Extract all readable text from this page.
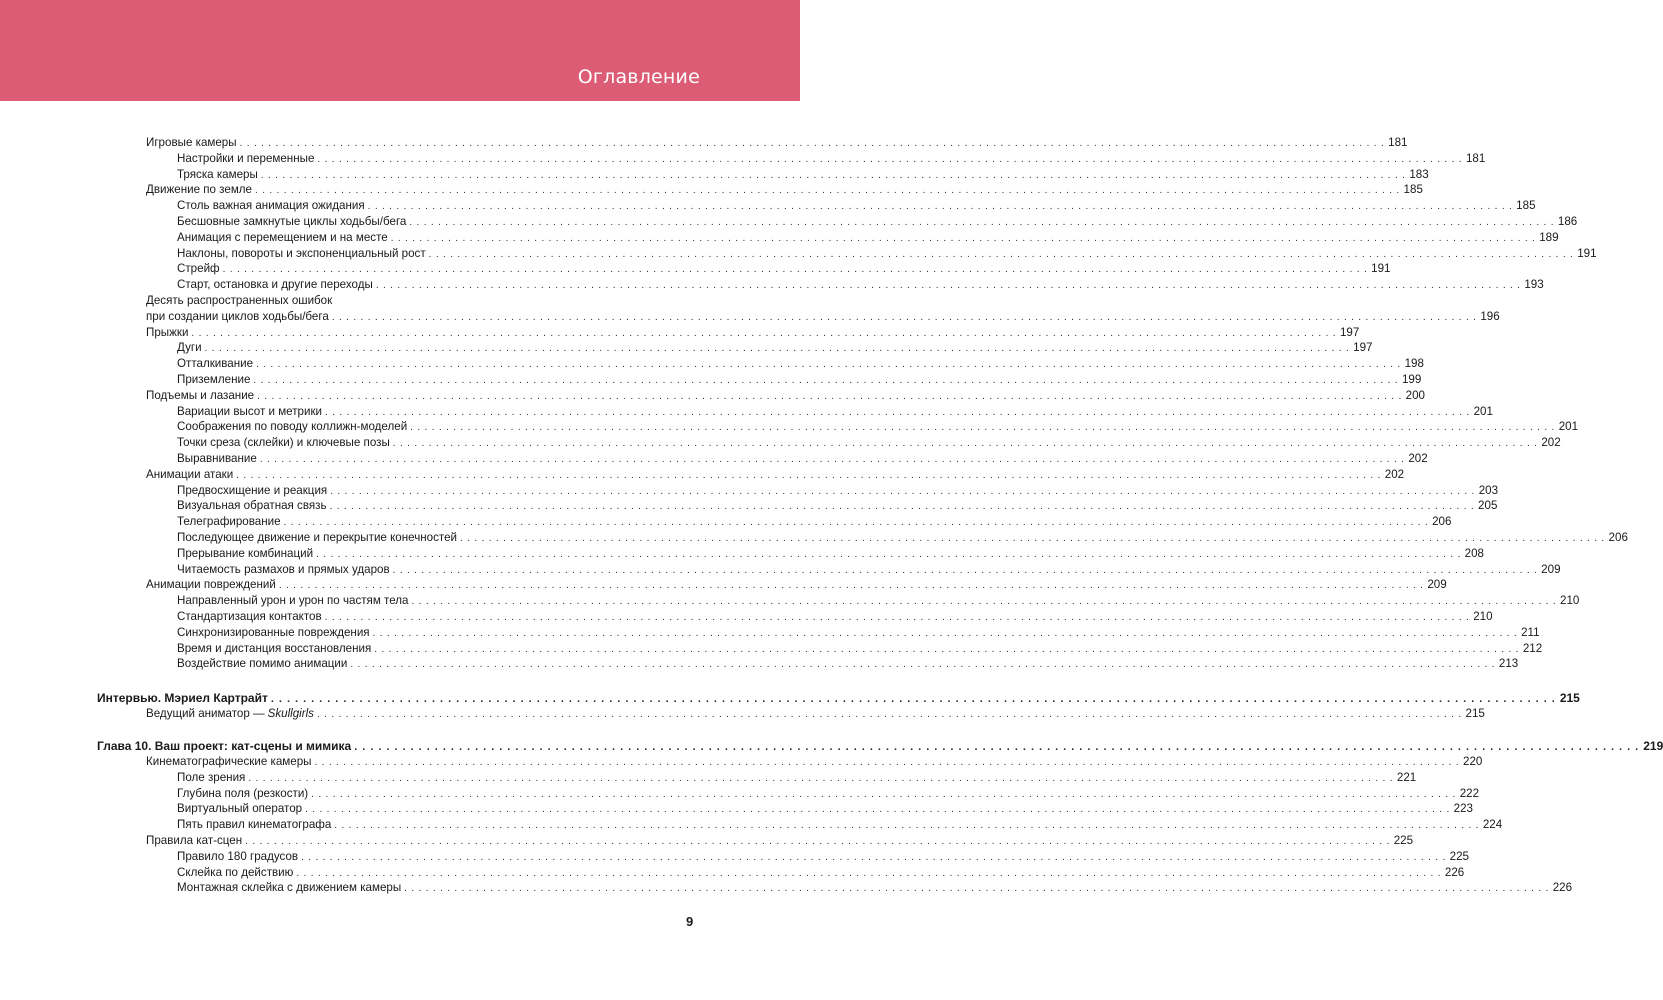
Оглавление
Игровые камеры ................................................................................................................................................................ 181
Настройки и переменные ................................................................................................................................................................ 181
Тряска камеры ................................................................................................................................................................ 183
Движение по земле ................................................................................................................................................................ 185
Столь важная анимация ожидания ................................................................................................................................................................ 185
Бесшовные замкнутые циклы ходьбы/бега ................................................................................................................................................................ 186
Анимация с перемещением и на месте ................................................................................................................................................................ 189
Наклоны, повороты и экспоненциальный рост ................................................................................................................................................................ 191
Стрейф ................................................................................................................................................................ 191
Старт, остановка и другие переходы ................................................................................................................................................................ 193
Десять распространенных ошибок
при создании циклов ходьбы/бега ................................................................................................................................................................ 196
Прыжки ................................................................................................................................................................ 197
Дуги ................................................................................................................................................................ 197
Отталкивание ................................................................................................................................................................ 198
Приземление ................................................................................................................................................................ 199
Подъемы и лазание ................................................................................................................................................................ 200
Вариации высот и метрики ................................................................................................................................................................ 201
Соображения по поводу коллижн-моделей ................................................................................................................................................................ 201
Точки среза (склейки) и ключевые позы ................................................................................................................................................................ 202
Выравнивание ................................................................................................................................................................ 202
Анимации атаки ................................................................................................................................................................ 202
Предвосхищение и реакция ................................................................................................................................................................ 203
Визуальная обратная связь ................................................................................................................................................................ 205
Телеграфирование ................................................................................................................................................................ 206
Последующее движение и перекрытие конечностей ................................................................................................................................................................ 206
Прерывание комбинаций ................................................................................................................................................................ 208
Читаемость размахов и прямых ударов ................................................................................................................................................................ 209
Анимации повреждений ................................................................................................................................................................ 209
Направленный урон и урон по частям тела ................................................................................................................................................................ 210
Стандартизация контактов ................................................................................................................................................................ 210
Синхронизированные повреждения ................................................................................................................................................................ 211
Время и дистанция восстановления ................................................................................................................................................................ 212
Воздействие помимо анимации ................................................................................................................................................................ 213
Интервью. Мэриел Картрайт ................................................................................................................................................................ 215
Ведущий аниматор — Skullgirls ................................................................................................................................................................ 215
Глава 10. Ваш проект: кат-сцены и мимика ................................................................................................................................................................ 219
Кинематографические камеры ................................................................................................................................................................ 220
Поле зрения ................................................................................................................................................................ 221
Глубина поля (резкости) ................................................................................................................................................................ 222
Виртуальный оператор ................................................................................................................................................................ 223
Пять правил кинематографа ................................................................................................................................................................ 224
Правила кат-сцен ................................................................................................................................................................ 225
Правило 180 градусов ................................................................................................................................................................ 225
Склейка по действию ................................................................................................................................................................ 226
Монтажная склейка с движением камеры ................................................................................................................................................................ 226
9
